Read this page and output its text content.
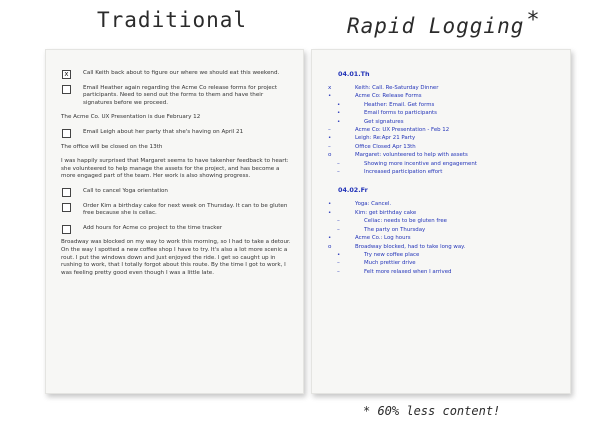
Traditional	Rapid Logging*
x	Call Keith back about to figure our where we should eat this weekend.
Email Heather again regarding the Acme Co release forms for project participants. Need to send out the forms to them and have their signatures before we proceed.
The Acme Co. UX Presentation is due February 12
Email Leigh about her party that she's having on April 21
The office will be closed on the 13th
I was happily surprised that Margaret seems to have takenher feedback to heart: she volunteered to help manage the assets for the project, and has become a more engaged part of the team. Her work is also showing progress.
Call to cancel Yoga orientation
Order Kim a birthday cake for next week on Thursday. It can to be gluten free because she is celiac.
Add hours for Acme co project to the time tracker
Broadway was blocked on my way to work this morning, so I had to take a detour. On the way I spotted a new coffee shop I have to try. It's also a lot more scenic a rout. I put the windows down and just enjoyed the ride. I get so caught up in rushing to work, that I totally forgot about this route. By the time I got to work, I was feeling pretty good even though I was a little late.
04.01.Th
x	Keith: Call. Re-Saturday Dinner
•	Acme Co: Release Forms
•	Heather: Email. Get forms
•	Email forms to participants
•	Get signatures
–	Acme Co: UX Presentation - Feb 12
•	Leigh: Re:Apr 21 Party
–	Office Closed Apr 13th
o	Margaret: volunteered to help with assets
–	Showing more incentive and engagement
–	Increased participation effort
04.02.Fr
•	Yoga: Cancel.
•	Kim: get birthday cake
–	Celiac: needs to be gluten free
–	The party on Thursday
•	Acme Co.: Log hours
o	Broadway blocked, had to take long way.
•	Try new coffee place
–	Much prettier drive
–	Felt more relaxed when I arrived
* 60% less content!
